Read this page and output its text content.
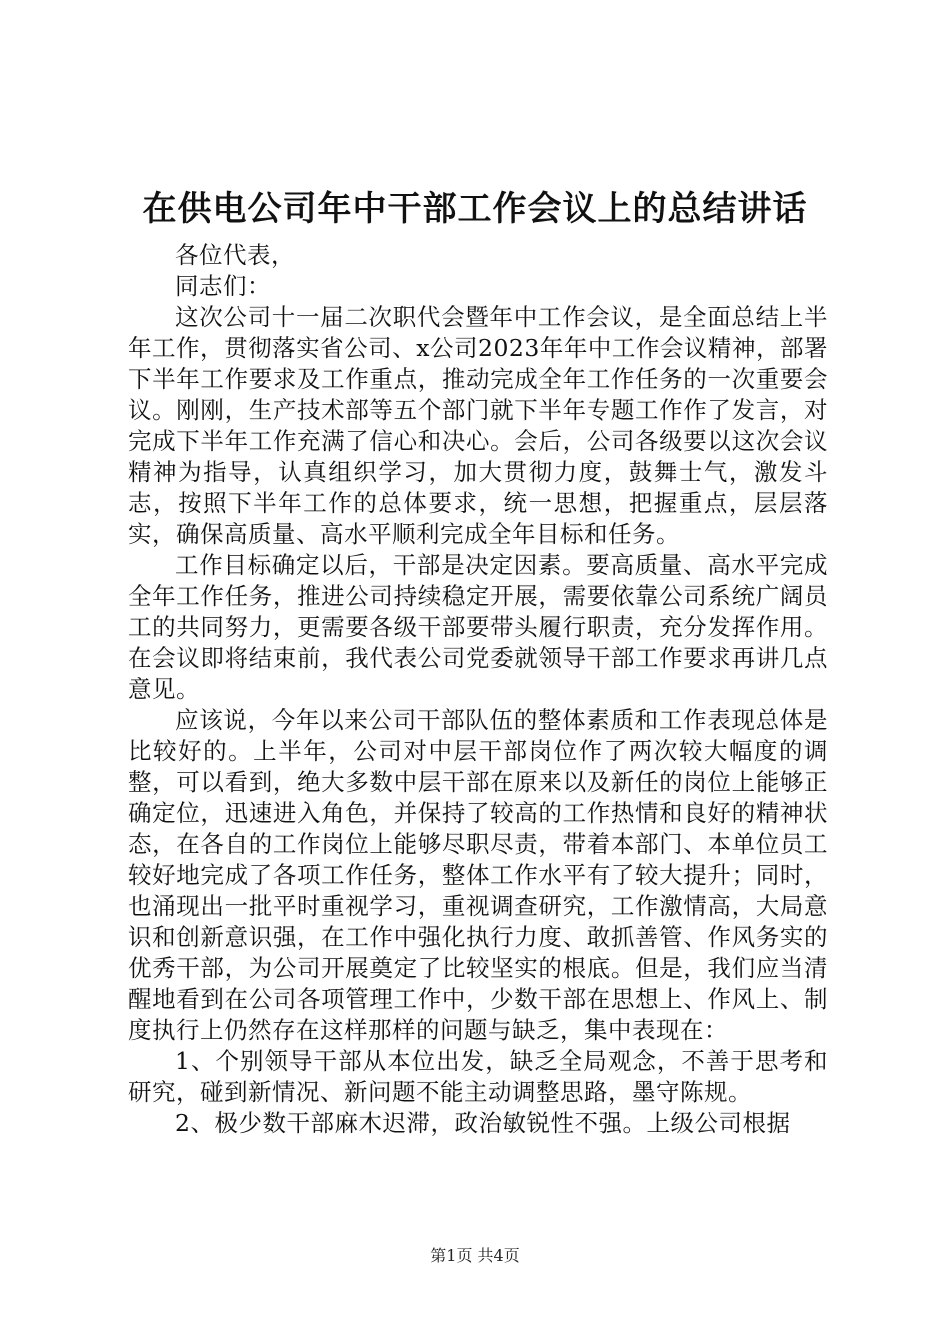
在供电公司年中干部工作会议上的总结讲话

各位代表，

同志们：

这次公司十一届二次职代会暨年中工作会议，是全面总结上半年工作，贯彻落实省公司、x公司2023年年中工作会议精神，部署下半年工作要求及工作重点，推动完成全年工作任务的一次重要会议。刚刚，生产技术部等五个部门就下半年专题工作作了发言，对完成下半年工作充满了信心和决心。会后，公司各级要以这次会议精神为指导，认真组织学习，加大贯彻力度，鼓舞士气，激发斗志，按照下半年工作的总体要求，统一思想，把握重点，层层落实，确保高质量、高水平顺利完成全年目标和任务。

工作目标确定以后，干部是决定因素。要高质量、高水平完成全年工作任务，推进公司持续稳定开展，需要依靠公司系统广阔员工的共同努力，更需要各级干部要带头履行职责，充分发挥作用。在会议即将结束前，我代表公司党委就领导干部工作要求再讲几点意见。

应该说，今年以来公司干部队伍的整体素质和工作表现总体是比较好的。上半年，公司对中层干部岗位作了两次较大幅度的调整，可以看到，绝大多数中层干部在原来以及新任的岗位上能够正确定位，迅速进入角色，并保持了较高的工作热情和良好的精神状态，在各自的工作岗位上能够尽职尽责，带着本部门、本单位员工较好地完成了各项工作任务，整体工作水平有了较大提升；同时，也涌现出一批平时重视学习，重视调查研究，工作激情高，大局意识和创新意识强，在工作中强化执行力度、敢抓善管、作风务实的优秀干部，为公司开展奠定了比较坚实的根底。但是，我们应当清醒地看到在公司各项管理工作中，少数干部在思想上、作风上、制度执行上仍然存在这样那样的问题与缺乏，集中表现在：

1、个别领导干部从本位出发，缺乏全局观念，不善于思考和研究，碰到新情况、新问题不能主动调整思路，墨守陈规。

2、极少数干部麻木迟滞，政治敏锐性不强。上级公司根据

第1页 共4页
